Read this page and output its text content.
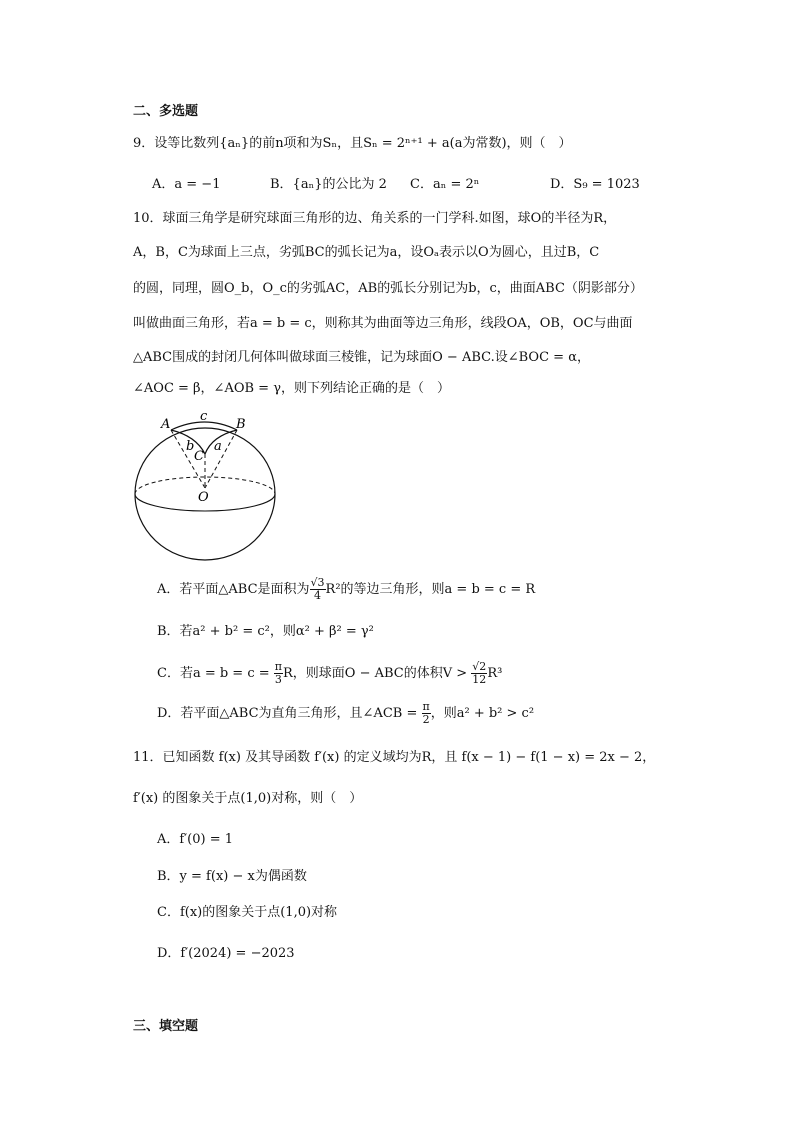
二、多选题
9．设等比数列{aₙ}的前n项和为Sₙ，且Sₙ = 2ⁿ⁺¹ + a(a为常数)，则（　）
A．a = −1	B．{aₙ}的公比为 2 C．aₙ = 2ⁿ	D．S₉ = 1023
10．球面三角学是研究球面三角形的边、角关系的一门学科.如图，球O的半径为R，
A，B，C为球面上三点，劣弧BC的弧长记为a，设Oₐ表示以O为圆心，且过B，C
的圆，同理，圆O_b，O_c的劣弧AC，AB的弧长分别记为b，c，曲面ABC（阴影部分）
叫做曲面三角形，若a = b = c，则称其为曲面等边三角形，线段OA，OB，OC与曲面
△ABC围成的封闭几何体叫做球面三棱锥，记为球面O − ABC.设∠BOC = α，
∠AOC = β，∠AOB = γ，则下列结论正确的是（　）
A	B
c
b a
C
O
A．若平面△ABC是面积为 $\frac{√3}{4} R^2$的等边三角形，则a = b = c = R
B．若a² + b² = c²，则α² + β² = γ²
C．若$a = b = c = \frac{\pi}{3}$ R，则球面O − ABC的体积$V > \frac{√2}{12} R^3$
D．若平面△ABC为直角三角形，且∠ACB = $\frac{\pi}{2}$ ，则a² + b² > c²
11．已知函数 f(x) 及其导函数 f′(x) 的定义域均为R，且 f(x − 1) − f(1 − x) = 2x − 2，
f′(x) 的图象关于点(1,0)对称，则（　）
A．f′(0) = 1
B．y = f(x) − x为偶函数
C．f(x)的图象关于点(1,0)对称
D．f′(2024) = −2023
三、填空题
